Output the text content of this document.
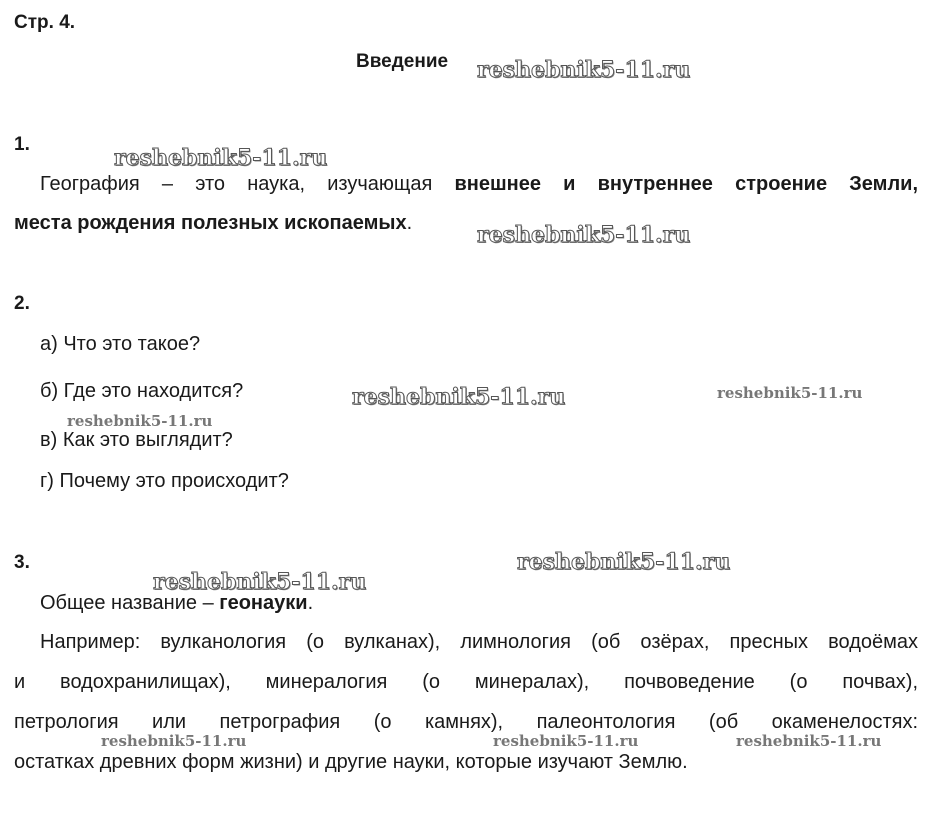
Стр. 4.
Введение
1.
География – это наука, изучающая внешнее и внутреннее строение Земли,
места рождения полезных ископаемых.
2.
а) Что это такое?
б) Где это находится?
в) Как это выглядит?
г) Почему это происходит?
3.
Общее название – геонауки.
Например: вулканология (о вулканах), лимнология (об озёрах, пресных водоёмах
и водохранилищах), минералогия (о минералах), почвоведение (о почвах),
петрология или петрография (о камнях), палеонтология (об окаменелостях:
остатках древних форм жизни) и другие науки, которые изучают Землю.
reshebnik5-11.ru
reshebnik5-11.ru
reshebnik5-11.ru
reshebnik5-11.ru	reshebnik5-11.ru
reshebnik5-11.ru
reshebnik5-11.ru
reshebnik5-11.ru
reshebnik5-11.ru	reshebnik5-11.ru	reshebnik5-11.ru
